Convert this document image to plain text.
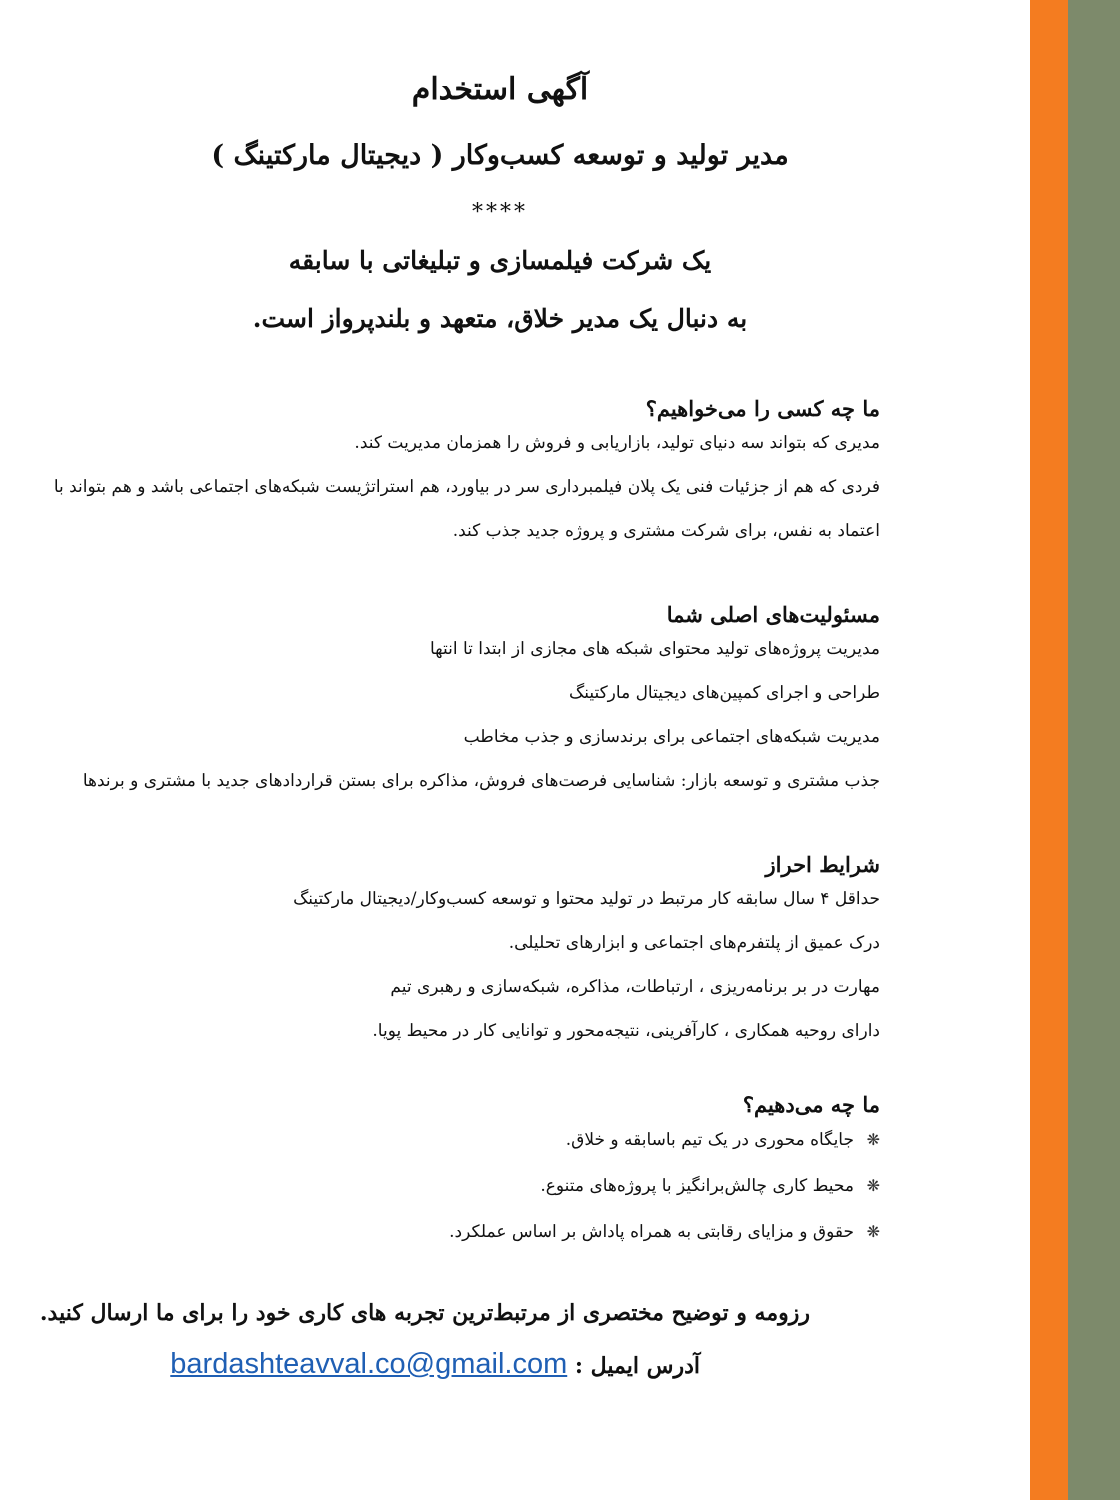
آگهی استخدام
مدیر تولید و توسعه کسب‌وکار ( دیجیتال مارکتینگ )
****
یک شرکت فیلمسازی و تبلیغاتی با سابقه
به دنبال یک مدیر خلاق، متعهد و بلندپرواز است.

ما چه کسی را می‌خواهیم؟

مدیری که بتواند سه دنیای تولید، بازاریابی و فروش را همزمان مدیریت کند.

فردی که هم از جزئیات فنی یک پلان فیلمبرداری سر در بیاورد، هم استراتژیست شبکه‌های اجتماعی باشد و هم بتواند با

اعتماد به نفس، برای شرکت مشتری و پروژه جدید جذب کند.

مسئولیت‌های اصلی شما

مدیریت پروژه‌های تولید محتوای شبکه های مجازی از ابتدا تا انتها

طراحی و اجرای کمپین‌های دیجیتال مارکتینگ

مدیریت شبکه‌های اجتماعی برای برندسازی و جذب مخاطب

جذب مشتری و توسعه بازار: شناسایی فرصت‌های فروش، مذاکره برای بستن قراردادهای جدید با مشتری و برندها

شرایط احراز

حداقل ۴ سال سابقه کار مرتبط در تولید محتوا و توسعه کسب‌وکار/دیجیتال مارکتینگ

درک عمیق از پلتفرم‌های اجتماعی و ابزارهای تحلیلی.

مهارت در بر برنامه‌ریزی ، ارتباطات، مذاکره، شبکه‌سازی و رهبری تیم

دارای روحیه همکاری ، کارآفرینی، نتیجه‌محور و توانایی کار در محیط پویا.

ما چه می‌دهیم؟

❋جایگاه محوری در یک تیم باسابقه و خلاق.

❋محیط کاری چالش‌برانگیز با پروژه‌های متنوع.

❋حقوق و مزایای رقابتی به همراه پاداش بر اساس عملکرد.

رزومه و توضیح مختصری از مرتبط‌ترین تجربه های کاری خود را برای ما ارسال کنید.
آدرس ایمیل : bardashteavval.co@gmail.com
